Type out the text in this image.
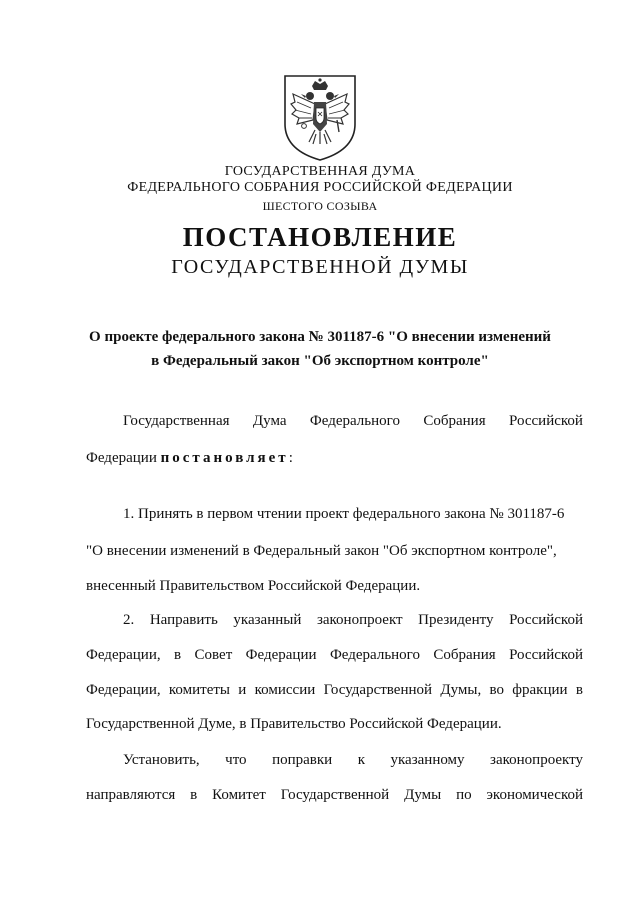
ГОСУДАРСТВЕННАЯ ДУМА
ФЕДЕРАЛЬНОГО СОБРАНИЯ РОССИЙСКОЙ ФЕДЕРАЦИИ
ШЕСТОГО СОЗЫВА
ПОСТАНОВЛЕНИЕ
ГОСУДАРСТВЕННОЙ ДУМЫ
О проекте федерального закона № 301187-6 "О внесении изменений
в Федеральный закон "Об экспортном контроле"
Государственная Дума Федерального Собрания Российской
Федерации постановляет:
1. Принять в первом чтении проект федерального закона № 301187-6
"О внесении изменений в Федеральный закон "Об экспортном контроле",
внесенный Правительством Российской Федерации.
2. Направить указанный законопроект Президенту Российской
Федерации, в Совет Федерации Федерального Собрания Российской
Федерации, комитеты и комиссии Государственной Думы, во фракции в
Государственной Думе, в Правительство Российской Федерации.
Установить, что поправки к указанному законопроекту
направляются в Комитет Государственной Думы по экономической
